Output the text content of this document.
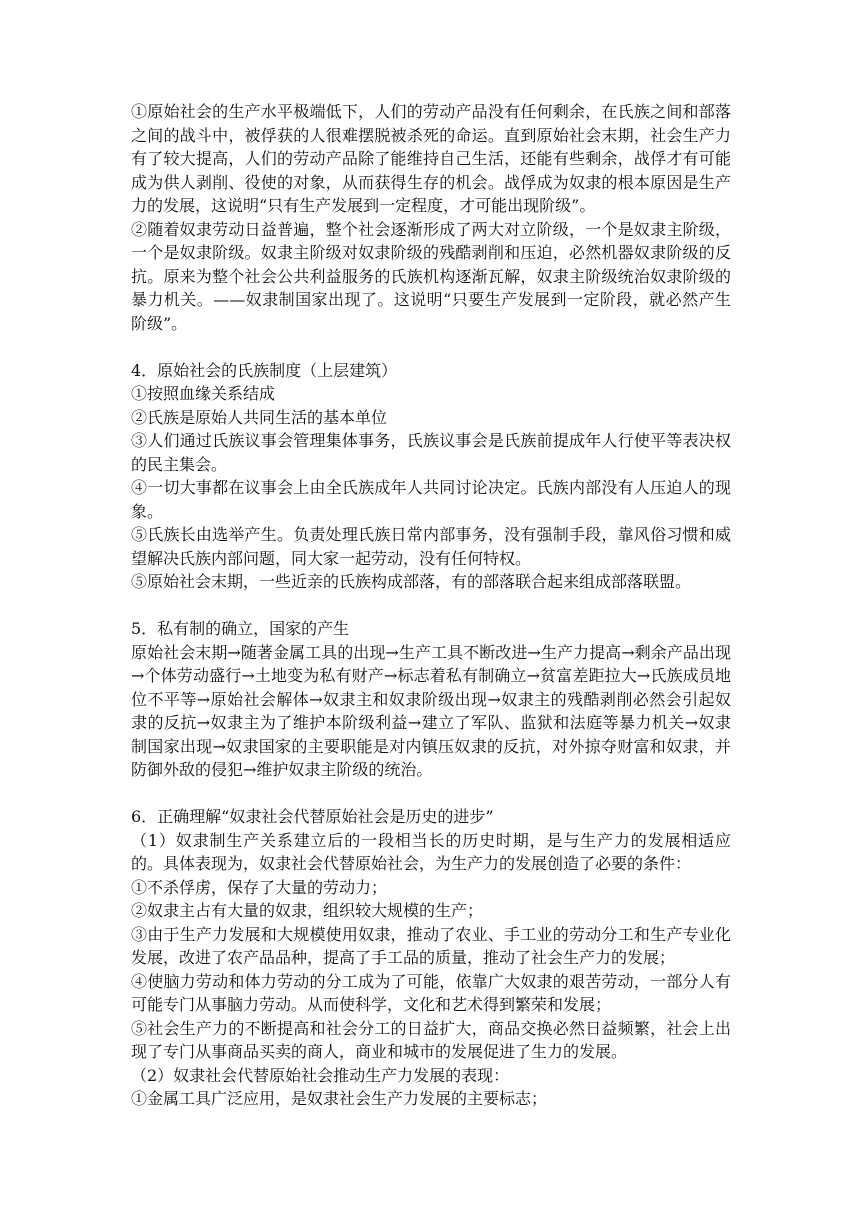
①原始社会的生产水平极端低下，人们的劳动产品没有任何剩余，在氏族之间和部落之间的战斗中，被俘获的人很难摆脱被杀死的命运。直到原始社会末期，社会生产力有了较大提高，人们的劳动产品除了能维持自己生活，还能有些剩余，战俘才有可能成为供人剥削、役使的对象，从而获得生存的机会。战俘成为奴隶的根本原因是生产力的发展，这说明“只有生产发展到一定程度，才可能出现阶级”。

②随着奴隶劳动日益普遍，整个社会逐渐形成了两大对立阶级，一个是奴隶主阶级，一个是奴隶阶级。奴隶主阶级对奴隶阶级的残酷剥削和压迫，必然机器奴隶阶级的反抗。原来为整个社会公共利益服务的氏族机构逐渐瓦解，奴隶主阶级统治奴隶阶级的暴力机关。——奴隶制国家出现了。这说明“只要生产发展到一定阶段，就必然产生阶级”。

4．原始社会的氏族制度（上层建筑）

①按照血缘关系结成

②氏族是原始人共同生活的基本单位

③人们通过氏族议事会管理集体事务，氏族议事会是氏族前提成年人行使平等表决权的民主集会。

④一切大事都在议事会上由全氏族成年人共同讨论决定。氏族内部没有人压迫人的现象。

⑤氏族长由选举产生。负责处理氏族日常内部事务，没有强制手段，靠风俗习惯和威望解决氏族内部问题，同大家一起劳动，没有任何特权。

⑤原始社会末期，一些近亲的氏族构成部落，有的部落联合起来组成部落联盟。

5．私有制的确立，国家的产生

原始社会末期→随著金属工具的出现→生产工具不断改进→生产力提高→剩余产品出现→个体劳动盛行→土地变为私有财产→标志着私有制确立→贫富差距拉大→氏族成员地位不平等→原始社会解体→奴隶主和奴隶阶级出现→奴隶主的残酷剥削必然会引起奴隶的反抗→奴隶主为了维护本阶级利益→建立了军队、监狱和法庭等暴力机关→奴隶制国家出现→奴隶国家的主要职能是对内镇压奴隶的反抗，对外掠夺财富和奴隶，并防御外敌的侵犯→维护奴隶主阶级的统治。

6．正确理解“奴隶社会代替原始社会是历史的进步”

（1）奴隶制生产关系建立后的一段相当长的历史时期，是与生产力的发展相适应的。具体表现为，奴隶社会代替原始社会，为生产力的发展创造了必要的条件：

①不杀俘虏，保存了大量的劳动力；

②奴隶主占有大量的奴隶，组织较大规模的生产；

③由于生产力发展和大规模使用奴隶，推动了农业、手工业的劳动分工和生产专业化发展，改进了农产品品种，提高了手工品的质量，推动了社会生产力的发展；

④使脑力劳动和体力劳动的分工成为了可能，依靠广大奴隶的艰苦劳动，一部分人有可能专门从事脑力劳动。从而使科学，文化和艺术得到繁荣和发展；

⑤社会生产力的不断提高和社会分工的日益扩大，商品交换必然日益频繁，社会上出现了专门从事商品买卖的商人，商业和城市的发展促进了生力的发展。

（2）奴隶社会代替原始社会推动生产力发展的表现：

①金属工具广泛应用，是奴隶社会生产力发展的主要标志；
